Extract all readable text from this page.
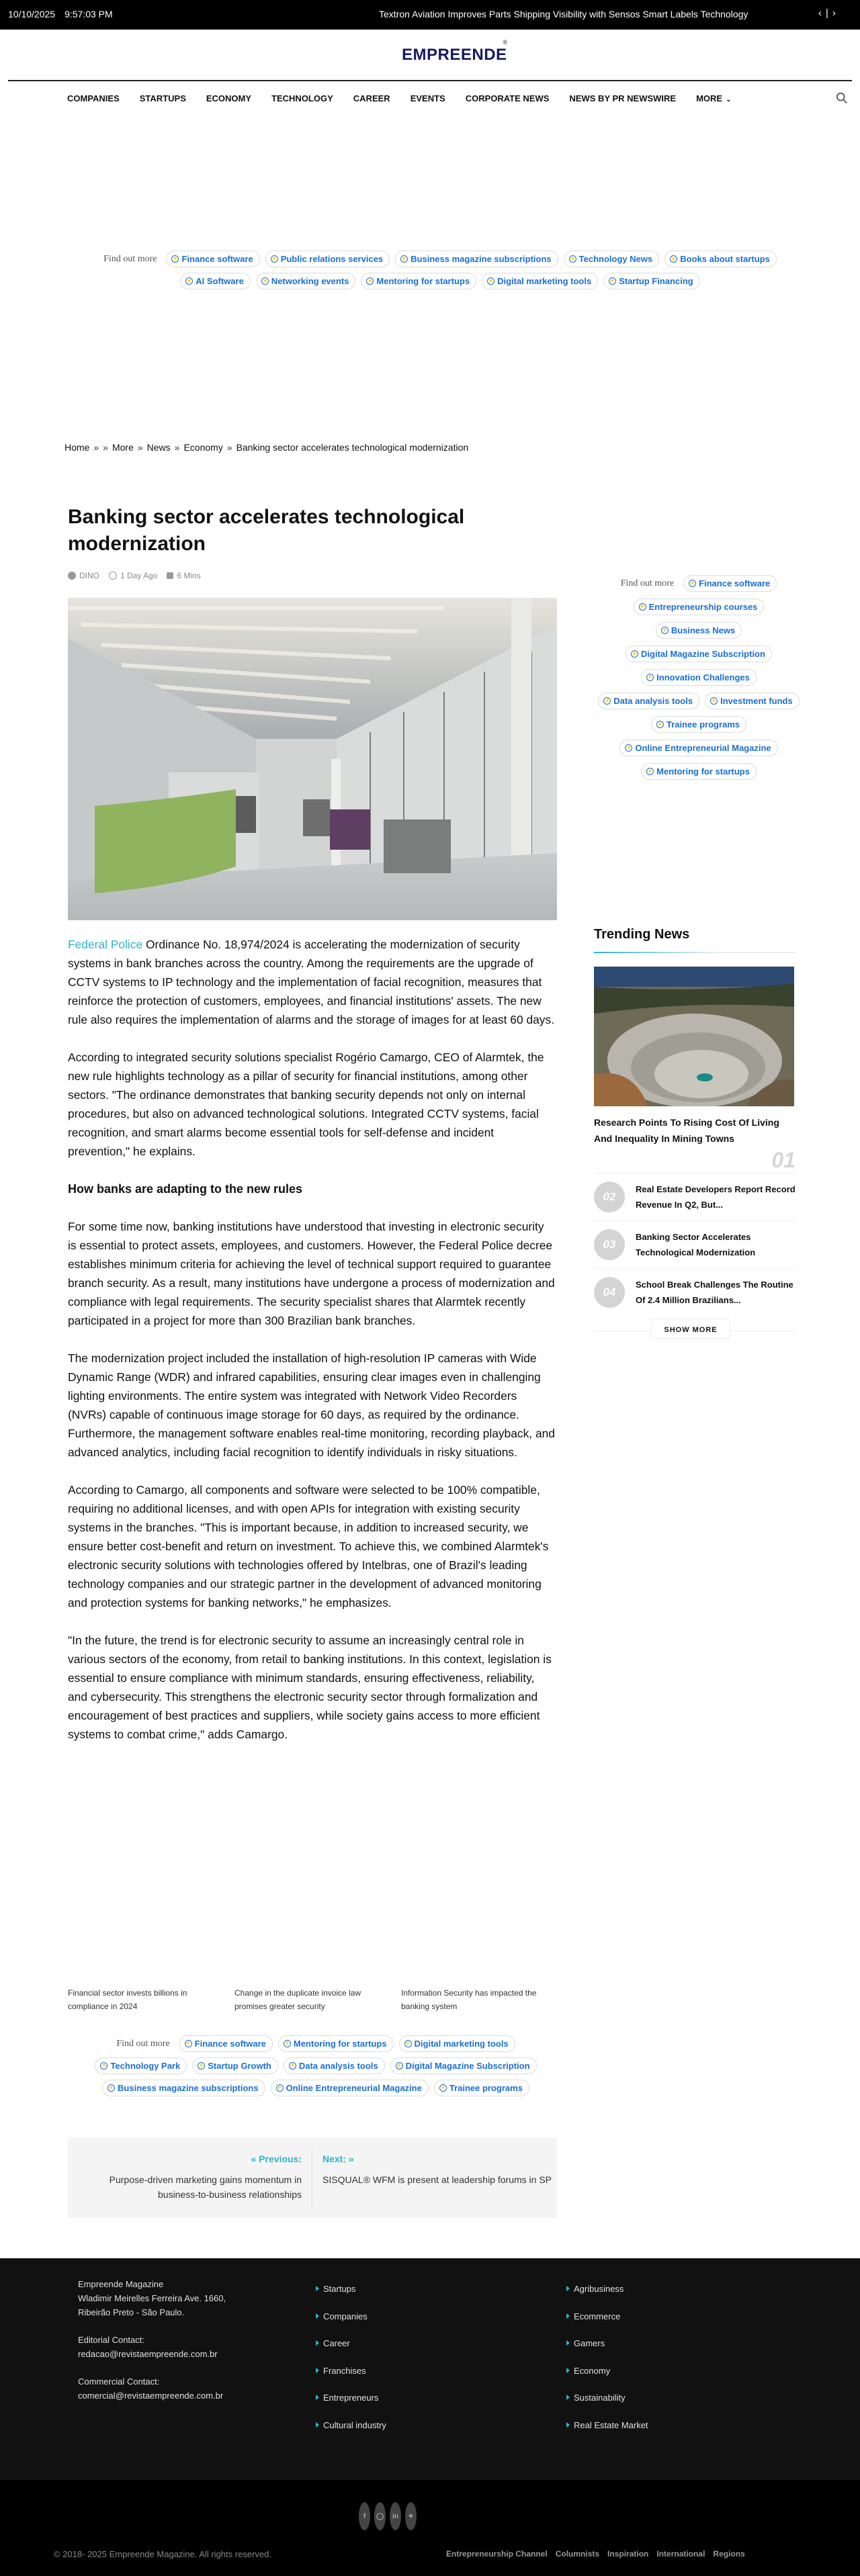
10/10/2025 9:57:03 PM	Textron Aviation Improves Parts Shipping Visibility with Sensos Smart Labels Technology	‹ | ›
EMPREENDE®
COMPANIES STARTUPS ECONOMY TECHNOLOGY CAREER EVENTS CORPORATE NEWS NEWS BY PR NEWSWIRE MORE ⌄
Find out more	⚡ Finance software	⚡ Public relations services	⚡ Business magazine subscriptions	⚡ Technology News	⚡ Books about startups
⚡ AI Software	⚡ Networking events	⚡ Mentoring for startups	⚡ Digital marketing tools	⚡ Startup Financing
Home » » More » News » Economy » Banking sector accelerates technological modernization
Banking sector accelerates technological modernization
DINO	1 Day Ago 6 Mins

Federal Police Ordinance No. 18,974/2024 is accelerating the modernization of security systems in bank branches across the country. Among the requirements are the upgrade of CCTV systems to IP technology and the implementation of facial recognition, measures that reinforce the protection of customers, employees, and financial institutions' assets. The new rule also requires the implementation of alarms and the storage of images for at least 60 days.

According to integrated security solutions specialist Rogério Camargo, CEO of Alarmtek, the new rule highlights technology as a pillar of security for financial institutions, among other sectors. "The ordinance demonstrates that banking security depends not only on internal procedures, but also on advanced technological solutions. Integrated CCTV systems, facial recognition, and smart alarms become essential tools for self-defense and incident prevention," he explains.

How banks are adapting to the new rules

For some time now, banking institutions have understood that investing in electronic security is essential to protect assets, employees, and customers. However, the Federal Police decree establishes minimum criteria for achieving the level of technical support required to guarantee branch security. As a result, many institutions have undergone a process of modernization and compliance with legal requirements. The security specialist shares that Alarmtek recently participated in a project for more than 300 Brazilian bank branches.

The modernization project included the installation of high-resolution IP cameras with Wide Dynamic Range (WDR) and infrared capabilities, ensuring clear images even in challenging lighting environments. The entire system was integrated with Network Video Recorders (NVRs) capable of continuous image storage for 60 days, as required by the ordinance. Furthermore, the management software enables real-time monitoring, recording playback, and advanced analytics, including facial recognition to identify individuals in risky situations.

According to Camargo, all components and software were selected to be 100% compatible, requiring no additional licenses, and with open APIs for integration with existing security systems in the branches. "This is important because, in addition to increased security, we ensure better cost-benefit and return on investment. To achieve this, we combined Alarmtek's electronic security solutions with technologies offered by Intelbras, one of Brazil's leading technology companies and our strategic partner in the development of advanced monitoring and protection systems for banking networks," he emphasizes.

"In the future, the trend is for electronic security to assume an increasingly central role in various sectors of the economy, from retail to banking institutions. In this context, legislation is essential to ensure compliance with minimum standards, ensuring effectiveness, reliability, and cybersecurity. This strengthens the electronic security sector through formalization and encouragement of best practices and suppliers, while society gains access to more efficient systems to combat crime," adds Camargo.

Financial sector invests billions in compliance in 2024
Change in the duplicate invoice law promises greater security
Information Security has impacted the banking system
Find out more	⚡ Finance software	⚡ Mentoring for startups	⚡ Digital marketing tools
⚡ Technology Park	⚡ Startup Growth	⚡ Data analysis tools	⚡ Digital Magazine Subscription
⚡ Business magazine subscriptions	⚡ Online Entrepreneurial Magazine	⚡ Trainee programs
« Previous:
Purpose-driven marketing gains momentum in business-to-business relationships
Next: »
SISQUAL® WFM is present at leadership forums in SP
Find out more	⚡ Finance software
⚡ Entrepreneurship courses
⚡ Business News
⚡ Digital Magazine Subscription
⚡ Innovation Challenges
⚡ Data analysis tools	⚡ Investment funds
⚡ Trainee programs
⚡ Online Entrepreneurial Magazine
⚡ Mentoring for startups
Trending News
Research Points To Rising Cost Of Living And Inequality In Mining Towns
01
02
Real Estate Developers Report Record Revenue In Q2, But...
03
Banking Sector Accelerates Technological Modernization
04
School Break Challenges The Routine Of 2.4 Million Brazilians...
SHOW MORE

Empreende Magazine
Wladimir Meirelles Ferreira Ave. 1660,
Ribeirão Preto - São Paulo.

Editorial Contact:
redacao@revistaempreende.com.br

Commercial Contact:
comercial@revistaempreende.com.br

Startups
Companies
Career
Franchises
Entrepreneurs
Cultural industry
Agribusiness
Ecommerce
Gamers
Economy
Sustainability
Real Estate Market
f	◯	in	✦
© 2018- 2025 Empreende Magazine. All rights reserved.	Entrepreneurship Channel Columnists Inspiration International Regions
